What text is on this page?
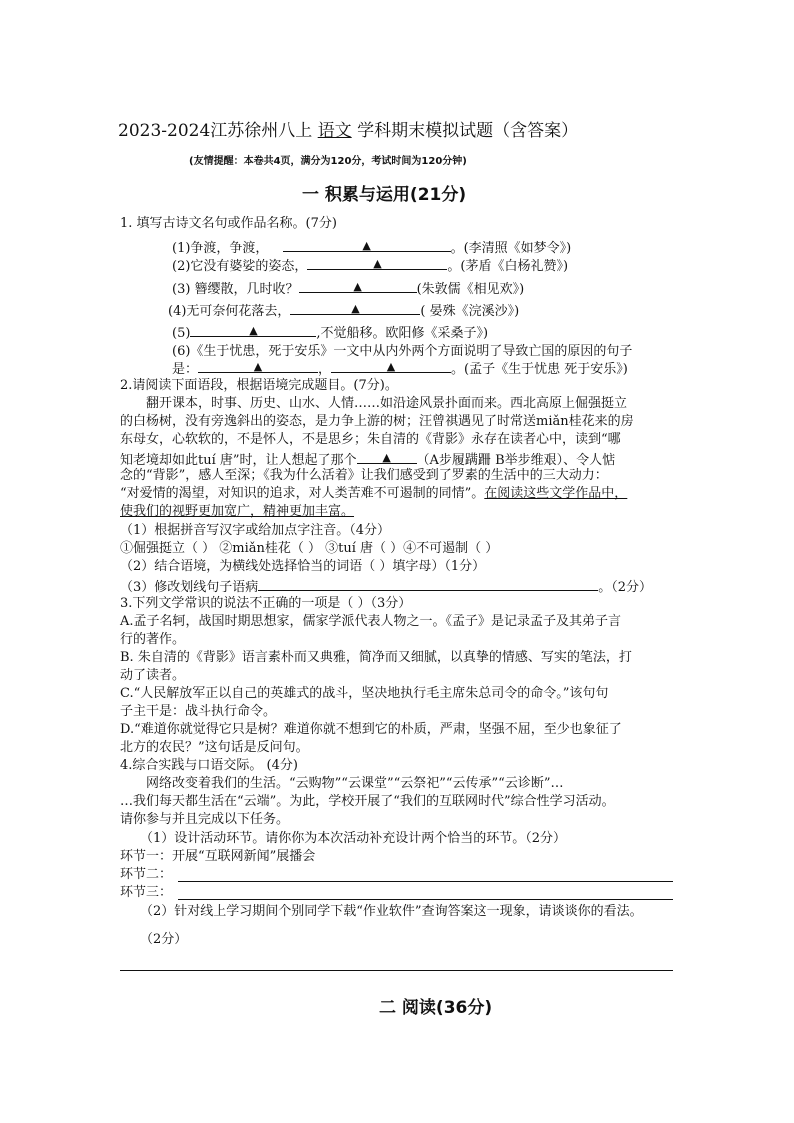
2023-2024江苏徐州八上 语文 学科期末模拟试题（含答案）
(友情提醒：本卷共4页，满分为120分，考试时间为120分钟)
一 积累与运用(21分)
1. 填写古诗文名句或作品名称。(7分)
(1)争渡，争渡，	▲	。(李清照《如梦令》)
(2)它没有婆娑的姿态，	▲	。(茅盾《白杨礼赞》)
(3) 簪缨散，几时收？	▲	(朱敦儒《相见欢》)
(4)无可奈何花落去，	▲	( 晏殊《浣溪沙》)
(5)	▲	,不觉船移。欧阳修《采桑子》)
(6)《生于忧患，死于安乐》一文中从内外两个方面说明了导致亡国的原因的句子
是：	▲	，	▲	。(孟子《生于忧患 死于安乐》)
2.请阅读下面语段，根据语境完成题目。(7分)。
翻开课本，时事、历史、山水、人情……如沿途风景扑面而来。西北高原上倔强挺立
的白杨树，没有旁逸斜出的姿态，是力争上游的树；汪曾祺遇见了时常送miǎn桂花来的房
东母女，心软软的，不是怀人，不是思乡；朱自清的《背影》永存在读者心中，读到“哪
知老境却如此tuí 唐”时，让人想起了那个 ▲ （A步履蹒跚 B举步维艰）、令人惦
念的“背影”，感人至深；《我为什么活着》让我们感受到了罗素的生活中的三大动力：
“对爱情的渴望，对知识的追求，对人类苦难不可遏制的同情”。在阅读这些文学作品中，
使我们的视野更加宽广，精神更加丰富。
（1）根据拼音写汉字或给加点字注音。（4分）
①倔强挺立（ ） ②miǎn桂花（ ） ③tuí 唐（ ）④不可遏制（ ）
（2）结合语境，为横线处选择恰当的词语（ ）填字母）（1分）
（3）修改划线句子语病	。（2分）
3.下列文学常识的说法不正确的一项是（ ）（3分）
A.孟子名轲，战国时期思想家，儒家学派代表人物之一。《孟子》是记录孟子及其弟子言
行的著作。
B. 朱自清的《背影》语言素朴而又典雅，简净而又细腻，以真挚的情感、写实的笔法，打
动了读者。
C.“人民解放军正以自己的英雄式的战斗，坚决地执行毛主席朱总司令的命令。”该句句
子主干是：战斗执行命令。
D.“难道你就觉得它只是树？难道你就不想到它的朴质，严肃，坚强不屈，至少也象征了
北方的农民？”这句话是反问句。
4.综合实践与口语交际。 (4分)
网络改变着我们的生活。“云购物”“云课堂”“云祭祀”“云传承”“云诊断”…
…我们每天都生活在“云端”。为此，学校开展了“我们的互联网时代”综合性学习活动。
请你参与并且完成以下任务。
（1）设计活动环节。请你你为本次活动补充设计两个恰当的环节。（2分）
环节一：开展“互联网新闻”展播会
环节二：
环节三：
（2）针对线上学习期间个别同学下载“作业软件”查询答案这一现象，请谈谈你的看法。
（2分）
二 阅读(36分)
